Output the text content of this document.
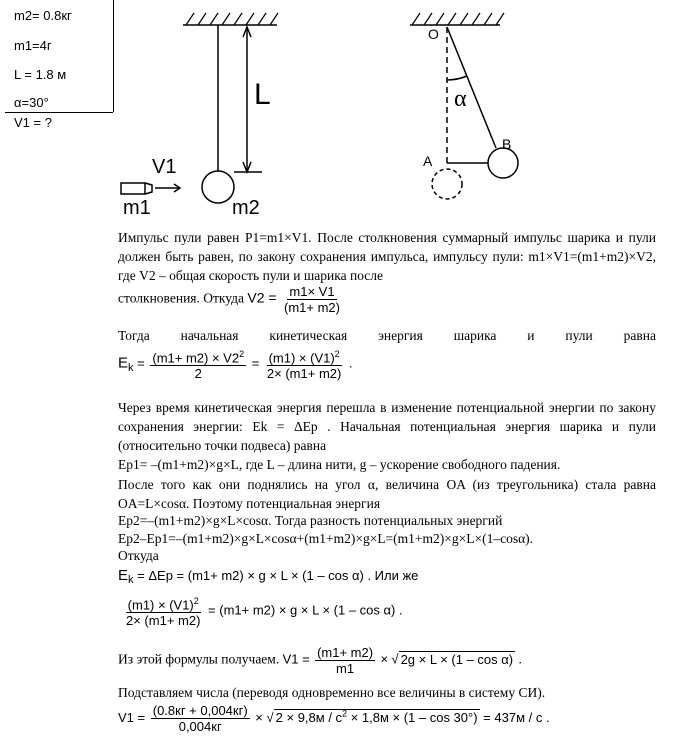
m2= 0.8кг
m1=4г
L = 1.8 м
α=30°
V1 = ?
L
V1
m1	m2
O
B
A
α
Импульс пули равен P1=m1×V1. После столкновения суммарный импульс шарика и пули должен быть равен, по закону сохранения импульса, импульсу пули: m1×V1=(m1+m2)×V2, где V2 – общая скорость пули и шарика после
столкновения. Откуда $V2 = \frac{m1\times V1}{(m1+ m2)}$
Тогда начальная кинетическая энергия шарика и пули равна
$E_k = \frac{(m1+ m2) \times V2^2}{2} = \frac{(m1) \times (V1)^2}{2\times (m1+ m2)}$ .
Через время кинетическая энергия перешла в изменение потенциальной энергии по закону сохранения энергии: Ek = ΔEp . Начальная потенциальная энергия шарика и пули (относительно точки подвеса) равна
Ep1= –(m1+m2)×g×L, где L – длина нити, g – ускорение свободного падения.
После того как они поднялись на угол α, величина OA (из треугольника) стала равна OA=L×cosα. Поэтому потенциальная энергия
Ep2=–(m1+m2)×g×L×cosα. Тогда разность потенциальных энергий
Ep2–Ep1=–(m1+m2)×g×L×cosα+(m1+m2)×g×L=(m1+m2)×g×L×(1–cosα).
Откуда
$E_k = \Delta Ep = (m1+ m2) \times g \times L \times (1 - \cos \alpha)$ . Или же
$\frac{(m1) \times (V1)^2}{2\times (m1+ m2)} = (m1+ m2) \times g \times L \times (1 - \cos \alpha)$ .
Из этой формулы получаем. $V1 = \frac{(m1+ m2)}{m1}$ × √ 2g × L × (1 – cos α) .
Подставляем числа (переводя одновременно все величины в систему СИ).
$V1 = \frac{(0.8кг + 0,004кг)}{0,004кг}$ × √ $2 \times 9,8м / с^2 \times 1,8м \times (1 - \cos 30^\circ) = 437м / с$ .
